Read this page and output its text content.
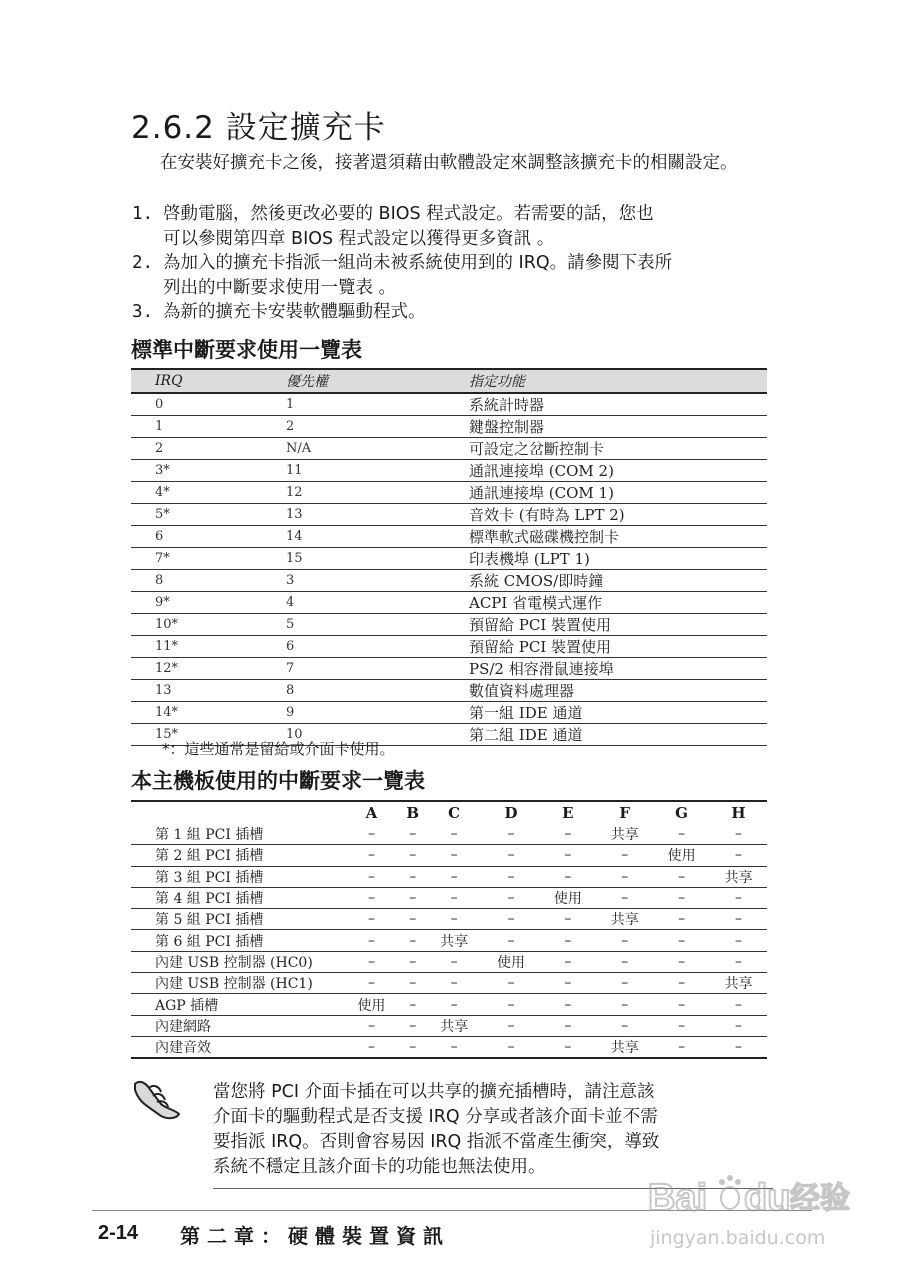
2.6.2 設定擴充卡
在安裝好擴充卡之後，接著還須藉由軟體設定來調整該擴充卡的相關設定。
1. 啓動電腦，然後更改必要的 BIOS 程式設定。若需要的話，您也
可以參閱第四章 BIOS 程式設定以獲得更多資訊 。
2. 為加入的擴充卡指派一組尚未被系統使用到的 IRQ。請參閱下表所
列出的中斷要求使用一覽表 。
3. 為新的擴充卡安裝軟體驅動程式。
標準中斷要求使用一覽表
IRQ	優先權	指定功能
0	1	系統計時器
1	2	鍵盤控制器
2	N/A	可設定之岔斷控制卡
3*	11	通訊連接埠 (COM 2)
4*	12	通訊連接埠 (COM 1)
5*	13	音效卡 (有時為 LPT 2)
6	14	標準軟式磁碟機控制卡
7*	15	印表機埠 (LPT 1)
8	3	系統 CMOS/即時鐘
9*	4	ACPI 省電模式運作
10*	5	預留給 PCI 裝置使用
11*	6	預留給 PCI 裝置使用
12*	7	PS/2 相容滑鼠連接埠
13	8	數值資料處理器
14*	9	第一組 IDE 通道
15*	10	第二組 IDE 通道
*：這些通常是留給或介面卡使用。
本主機板使用的中斷要求一覽表
	A	B	C	D	E	F	G	H
第 1 組 PCI 插槽	–	–	–	–	–	共享	–	–
第 2 組 PCI 插槽	–	–	–	–	–	–	使用	–
第 3 組 PCI 插槽	–	–	–	–	–	–	–	共享
第 4 組 PCI 插槽	–	–	–	–	使用	–	–	–
第 5 組 PCI 插槽	–	–	–	–	–	共享	–	–
第 6 組 PCI 插槽	–	–	共享	–	–	–	–	–
內建 USB 控制器 (HC0)	–	–	–	使用	–	–	–	–
內建 USB 控制器 (HC1)	–	–	–	–	–	–	–	共享
AGP 插槽	使用	–	–	–	–	–	–	–
內建網路	–	–	共享	–	–	–	–	–
內建音效	–	–	–	–	–	共享	–	–
當您將 PCI 介面卡插在可以共享的擴充插槽時，請注意該
介面卡的驅動程式是否支援 IRQ 分享或者該介面卡並不需
要指派 IRQ。否則會容易因 IRQ 指派不當產生衝突，導致
系統不穩定且該介面卡的功能也無法使用。
2-14 第二章：硬體裝置資訊
Bai du 经验
jingyan.baidu.com
